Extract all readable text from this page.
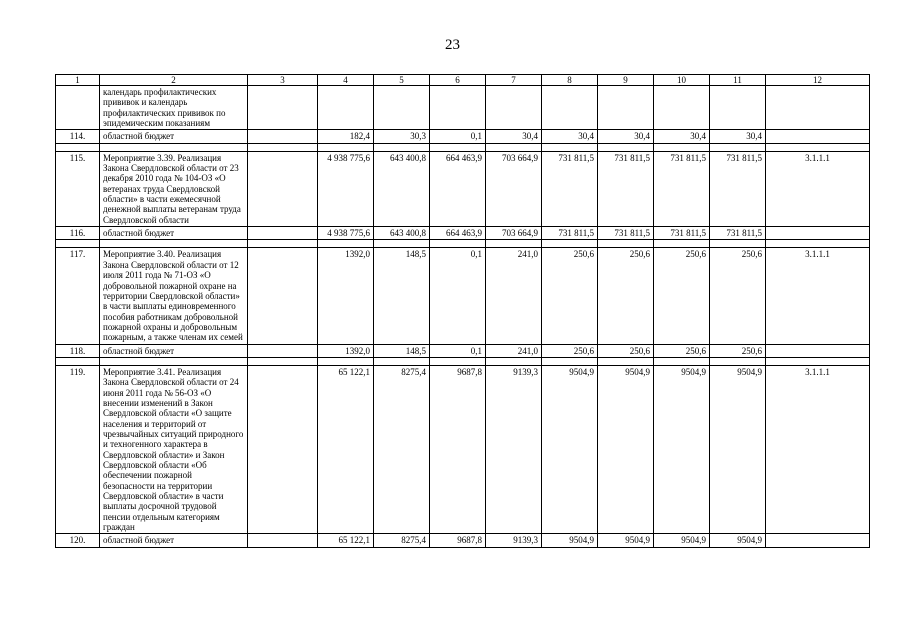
23
1	2	3	4	5	6	7	8	9	10	11	12
	календарь профилактических прививок и календарь профилактических прививок по эпидемическим показаниям										
114.	областной бюджет		182,4	30,3	0,1	30,4	30,4	30,4	30,4	30,4	

115.	Мероприятие 3.39. Реализация Закона Свердловской области от 23 декабря 2010 года № 104-ОЗ «О ветеранах труда Свердловской области» в части ежемесячной денежной выплаты ветеранам труда Свердловской области		4 938 775,6	643 400,8	664 463,9	703 664,9	731 811,5	731 811,5	731 811,5	731 811,5	3.1.1.1
116.	областной бюджет		4 938 775,6	643 400,8	664 463,9	703 664,9	731 811,5	731 811,5	731 811,5	731 811,5	

117.	Мероприятие 3.40. Реализация Закона Свердловской области от 12 июля 2011 года № 71-ОЗ «О добровольной пожарной охране на территории Свердловской области» в части выплаты единовременного пособия работникам добровольной пожарной охраны и добровольным пожарным, а также членам их семей		1392,0	148,5	0,1	241,0	250,6	250,6	250,6	250,6	3.1.1.1
118.	областной бюджет		1392,0	148,5	0,1	241,0	250,6	250,6	250,6	250,6	

119.	Мероприятие 3.41. Реализация Закона Свердловской области от 24 июня 2011 года № 56-ОЗ «О внесении изменений в Закон Свердловской области «О защите населения и территорий от чрезвычайных ситуаций природного и техногенного характера в Свердловской области» и Закон Свердловской области «Об обеспечении пожарной безопасности на территории Свердловской области» в части выплаты досрочной трудовой пенсии отдельным категориям граждан		65 122,1	8275,4	9687,8	9139,3	9504,9	9504,9	9504,9	9504,9	3.1.1.1
120.	областной бюджет		65 122,1	8275,4	9687,8	9139,3	9504,9	9504,9	9504,9	9504,9	
